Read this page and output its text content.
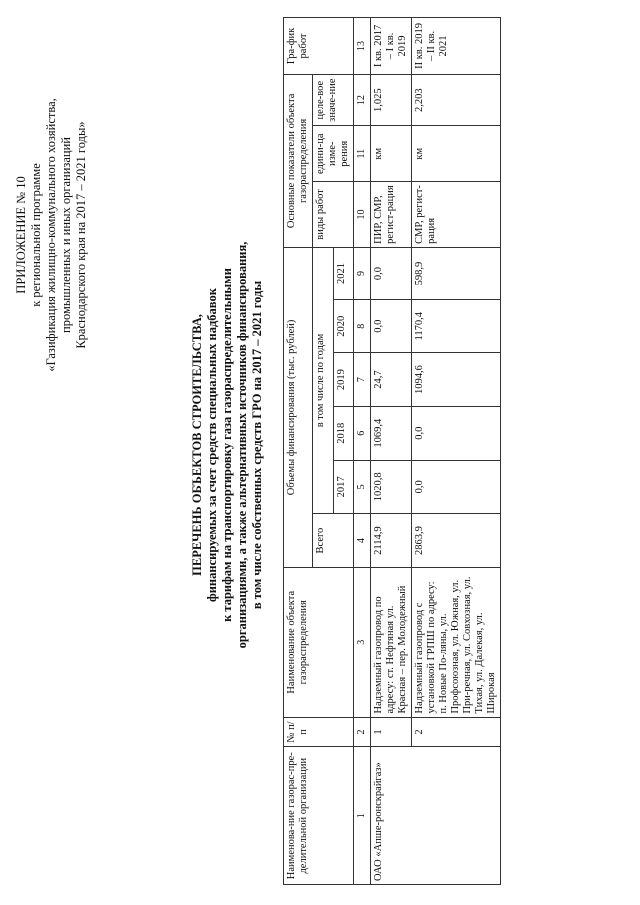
ПРИЛОЖЕНИЕ № 10 к региональной программе «Газификация жилищно-коммунального хозяйства, промышленных и иных организаций Краснодарского края на 2017 – 2021 годы»
ПЕРЕЧЕНЬ ОБЪЕКТОВ СТРОИТЕЛЬСТВА, финансируемых за счет средств специальных надбавок к тарифам на транспортировку газа газораспределительными организациями, а также альтернативных источников финансирования, в том числе собственных средств ГРО на 2017 – 2021 годы
Наименова-ние газорас-пре-делительной организации	№ п/п	Наименование объекта газораспределения	Объемы финансирования (тыс. рублей)						Основные показатели объекта газораспределения			Гра-фик работ
			Всего	в том числе по годам					виды работ	едини-ца изме-рения	целе-вое значе-ние	
				2017	2018	2019	2020	2021				
1	2	3	4	5	6	7	8	9	10	11	12	13
ОАО «Апше-ронскрайгаз»	1	Надземный газопровод по адресу: ст. Нефтяная ул. Красная – пер. Молодежный	2114,9	1020,8	1069,4	24,7	0,0	0,0	ПИР, СМР, регист-рация	км	1,025	I кв. 2017 – I кв. 2019
	2	Надземный газопровод с установкой ГРПШ по адресу: п. Новые По-ляны, ул. Профсоюзная, ул. Южная, ул. При-речная, ул. Совхозная, ул. Тихая, ул. Далекая, ул. Широкая	2863,9	0,0	0,0	1094,6	1170,4	598,9	СМР, регист-рация	км	2,203	II кв. 2019 – II кв. 2021
